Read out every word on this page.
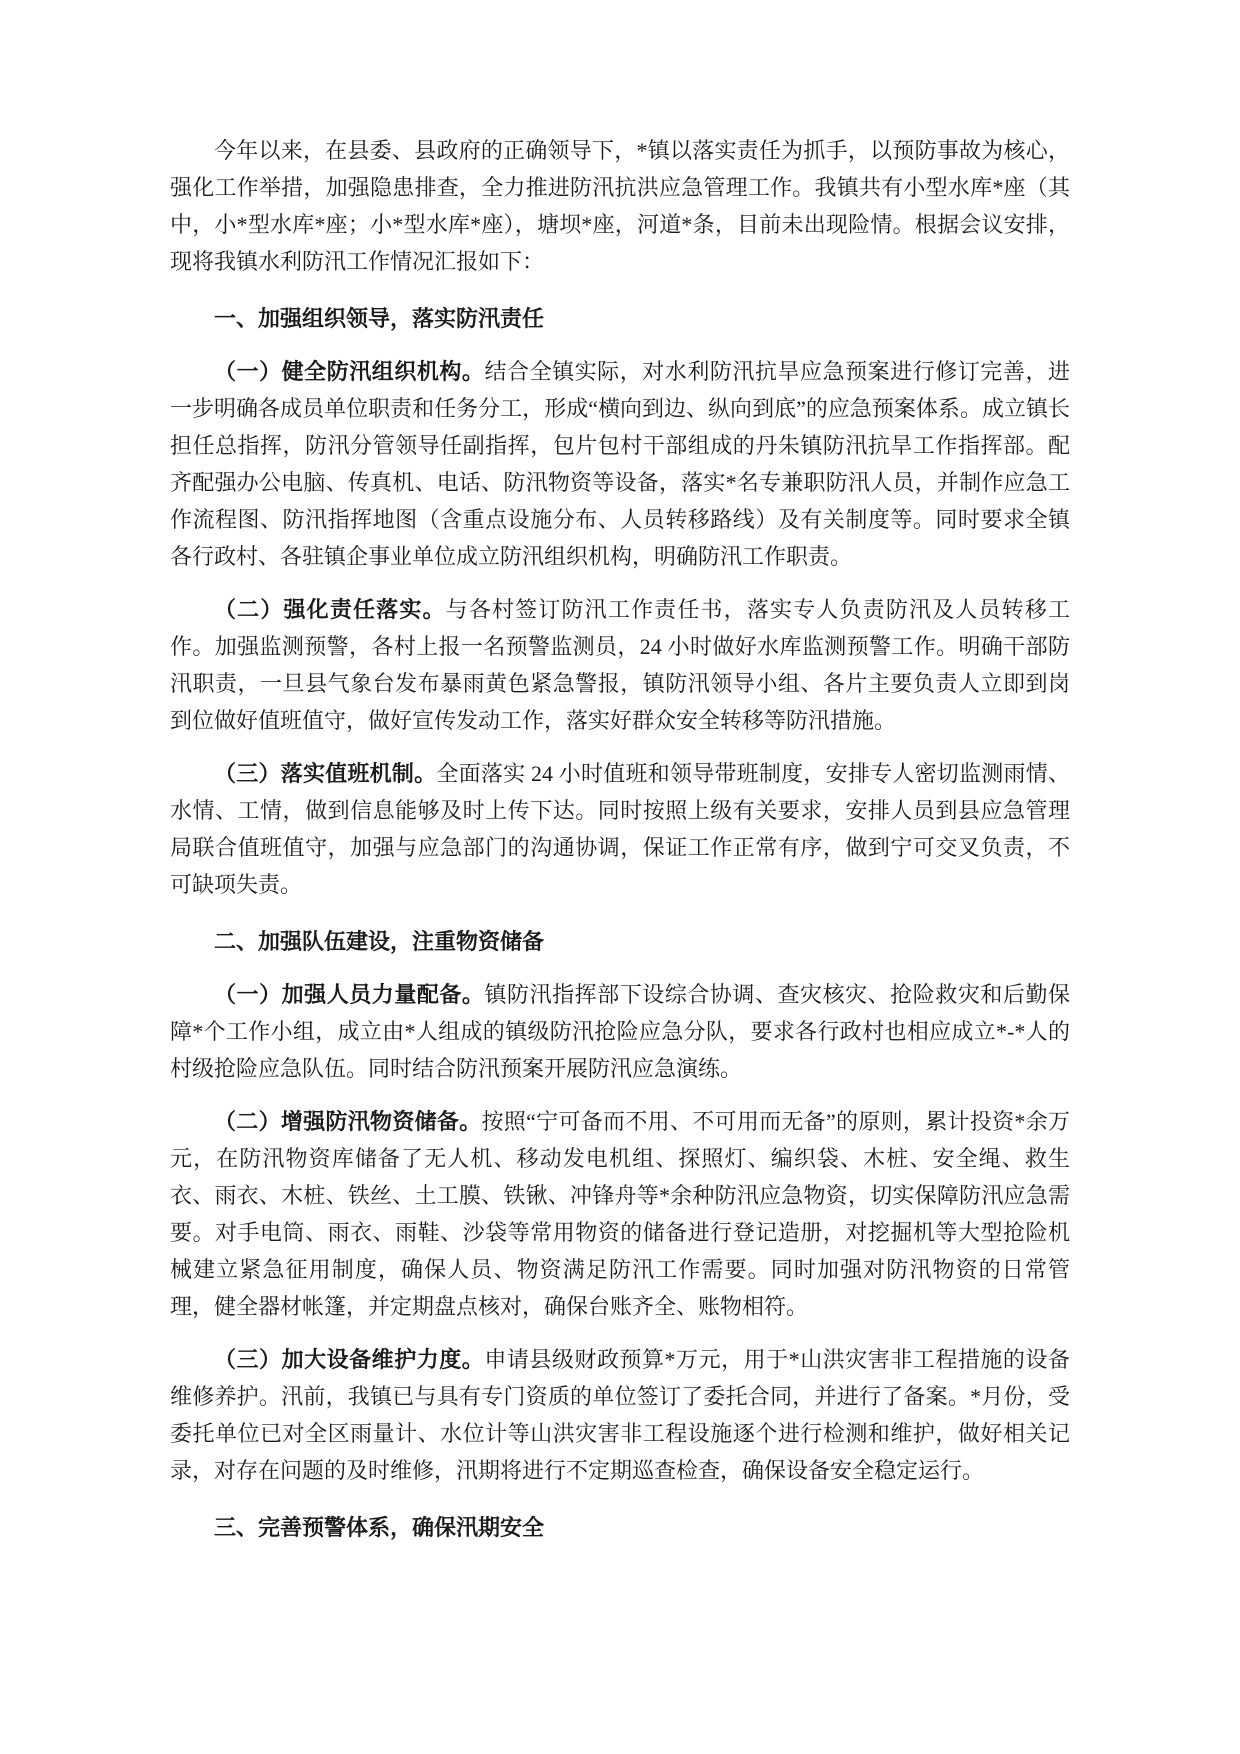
今年以来，在县委、县政府的正确领导下，*镇以落实责任为抓手，以预防事故为核心，强化工作举措，加强隐患排查，全力推进防汛抗洪应急管理工作。我镇共有小型水库*座（其中，小*型水库*座；小*型水库*座），塘坝*座，河道*条，目前未出现险情。根据会议安排，现将我镇水利防汛工作情况汇报如下：

一、加强组织领导，落实防汛责任

（一）健全防汛组织机构。结合全镇实际，对水利防汛抗旱应急预案进行修订完善，进一步明确各成员单位职责和任务分工，形成“横向到边、纵向到底”的应急预案体系。成立镇长担任总指挥，防汛分管领导任副指挥，包片包村干部组成的丹朱镇防汛抗旱工作指挥部。配齐配强办公电脑、传真机、电话、防汛物资等设备，落实*名专兼职防汛人员，并制作应急工作流程图、防汛指挥地图（含重点设施分布、人员转移路线）及有关制度等。同时要求全镇各行政村、各驻镇企事业单位成立防汛组织机构，明确防汛工作职责。

（二）强化责任落实。与各村签订防汛工作责任书，落实专人负责防汛及人员转移工作。加强监测预警，各村上报一名预警监测员，24 小时做好水库监测预警工作。明确干部防汛职责，一旦县气象台发布暴雨黄色紧急警报，镇防汛领导小组、各片主要负责人立即到岗到位做好值班值守，做好宣传发动工作，落实好群众安全转移等防汛措施。

（三）落实值班机制。全面落实 24 小时值班和领导带班制度，安排专人密切监测雨情、水情、工情，做到信息能够及时上传下达。同时按照上级有关要求，安排人员到县应急管理局联合值班值守，加强与应急部门的沟通协调，保证工作正常有序，做到宁可交叉负责，不可缺项失责。

二、加强队伍建设，注重物资储备

（一）加强人员力量配备。镇防汛指挥部下设综合协调、查灾核灾、抢险救灾和后勤保障*个工作小组，成立由*人组成的镇级防汛抢险应急分队，要求各行政村也相应成立*-*人的村级抢险应急队伍。同时结合防汛预案开展防汛应急演练。

（二）增强防汛物资储备。按照“宁可备而不用、不可用而无备”的原则，累计投资*余万元，在防汛物资库储备了无人机、移动发电机组、探照灯、编织袋、木桩、安全绳、救生衣、雨衣、木桩、铁丝、土工膜、铁锹、冲锋舟等*余种防汛应急物资，切实保障防汛应急需要。对手电筒、雨衣、雨鞋、沙袋等常用物资的储备进行登记造册，对挖掘机等大型抢险机械建立紧急征用制度，确保人员、物资满足防汛工作需要。同时加强对防汛物资的日常管理，健全器材帐篷，并定期盘点核对，确保台账齐全、账物相符。

（三）加大设备维护力度。申请县级财政预算*万元，用于*山洪灾害非工程措施的设备维修养护。汛前，我镇已与具有专门资质的单位签订了委托合同，并进行了备案。*月份，受委托单位已对全区雨量计、水位计等山洪灾害非工程设施逐个进行检测和维护，做好相关记录，对存在问题的及时维修，汛期将进行不定期巡查检查，确保设备安全稳定运行。

三、完善预警体系，确保汛期安全
